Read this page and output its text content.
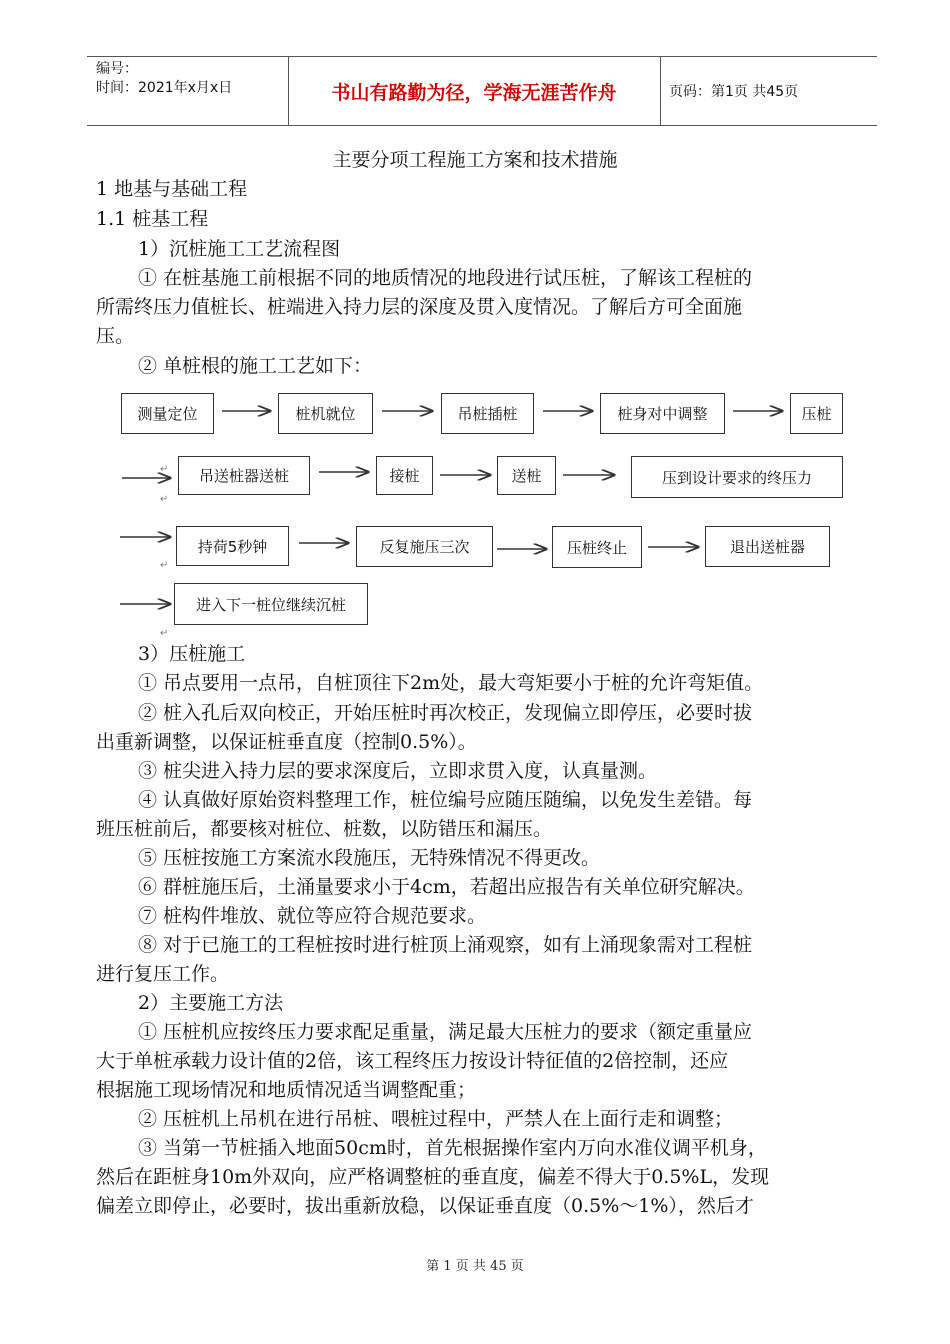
编号：
时间：2021年x月x日	书山有路勤为径，学海无涯苦作舟	页码：第1页 共45页
主要分项工程施工方案和技术措施
1 地基与基础工程
1.1 桩基工程
1）沉桩施工工艺流程图
① 在桩基施工前根据不同的地质情况的地段进行试压桩，了解该工程桩的
所需终压力值桩长、桩端进入持力层的深度及贯入度情况。了解后方可全面施
压。
② 单桩根的施工工艺如下：
测量定位	桩机就位	吊桩插桩	桩身对中调整	压桩
吊送桩器送桩	接桩	送桩	压到设计要求的终压力
持荷5秒钟	反复施压三次	压桩终止	退出送桩器
进入下一桩位继续沉桩
↵
↵
↵
↵
3）压桩施工
① 吊点要用一点吊，自桩顶往下2m处，最大弯矩要小于桩的允许弯矩值。
② 桩入孔后双向校正，开始压桩时再次校正，发现偏立即停压，必要时拔
出重新调整，以保证桩垂直度（控制0.5%）。
③ 桩尖进入持力层的要求深度后，立即求贯入度，认真量测。
④ 认真做好原始资料整理工作，桩位编号应随压随编，以免发生差错。每
班压桩前后，都要核对桩位、桩数，以防错压和漏压。
⑤ 压桩按施工方案流水段施压，无特殊情况不得更改。
⑥ 群桩施压后，土涌量要求小于4cm，若超出应报告有关单位研究解决。
⑦ 桩构件堆放、就位等应符合规范要求。
⑧ 对于已施工的工程桩按时进行桩顶上涌观察，如有上涌现象需对工程桩
进行复压工作。
2）主要施工方法
① 压桩机应按终压力要求配足重量，满足最大压桩力的要求（额定重量应
大于单桩承载力设计值的2倍，该工程终压力按设计特征值的2倍控制，还应
根据施工现场情况和地质情况适当调整配重；
② 压桩机上吊机在进行吊桩、喂桩过程中，严禁人在上面行走和调整；
③ 当第一节桩插入地面50cm时，首先根据操作室内万向水准仪调平机身，
然后在距桩身10m外双向，应严格调整桩的垂直度，偏差不得大于0.5%L，发现
偏差立即停止，必要时，拔出重新放稳，以保证垂直度（0.5%～1%），然后才
第 1 页 共 45 页
